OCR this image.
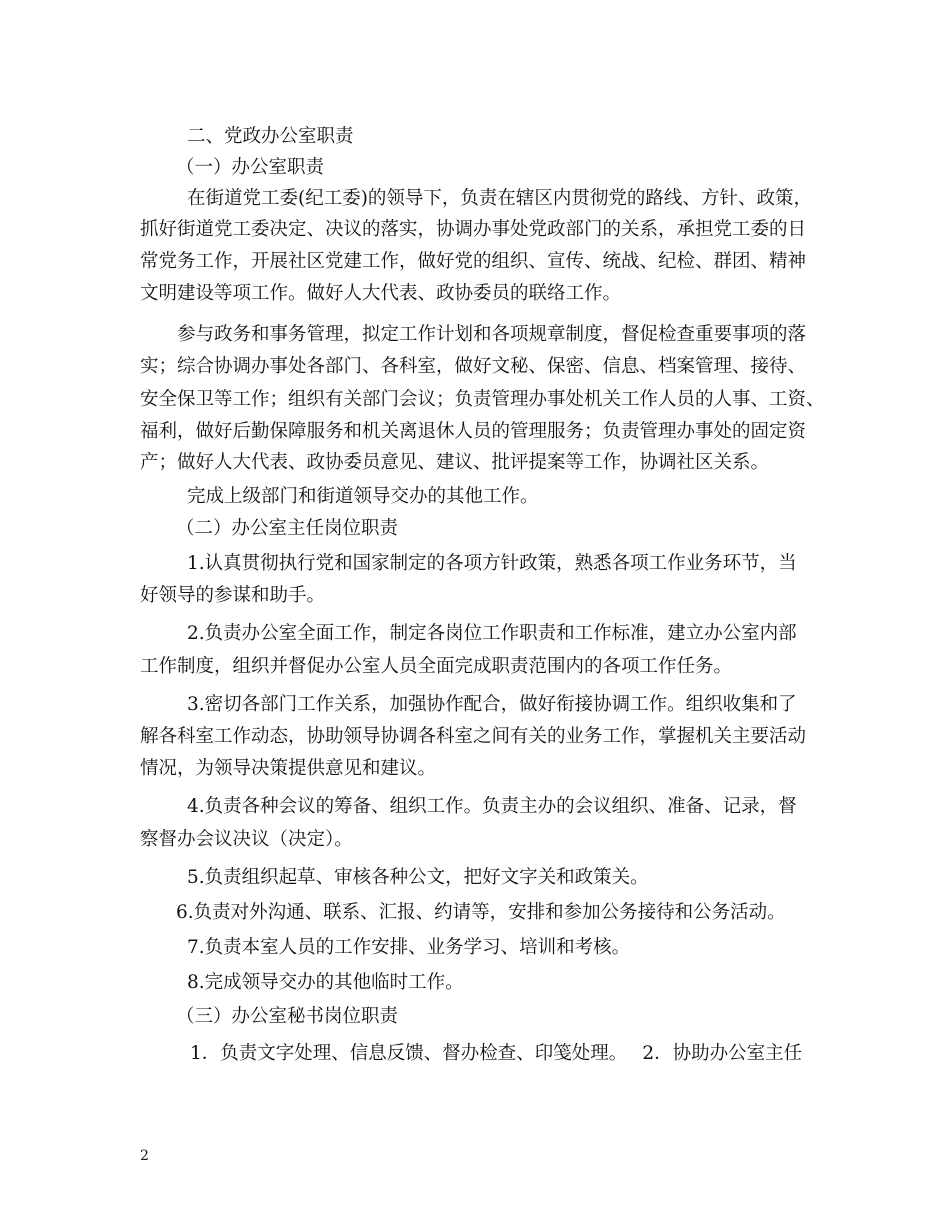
二、党政办公室职责

（一）办公室职责

在街道党工委(纪工委)的领导下，负责在辖区内贯彻党的路线、方针、政策，

抓好街道党工委决定、决议的落实，协调办事处党政部门的关系，承担党工委的日

常党务工作，开展社区党建工作，做好党的组织、宣传、统战、纪检、群团、精神

文明建设等项工作。做好人大代表、政协委员的联络工作。

参与政务和事务管理，拟定工作计划和各项规章制度，督促检查重要事项的落

实；综合协调办事处各部门、各科室，做好文秘、保密、信息、档案管理、接待、

安全保卫等工作；组织有关部门会议；负责管理办事处机关工作人员的人事、工资、

福利，做好后勤保障服务和机关离退休人员的管理服务；负责管理办事处的固定资

产；做好人大代表、政协委员意见、建议、批评提案等工作，协调社区关系。

完成上级部门和街道领导交办的其他工作。

（二）办公室主任岗位职责

1.认真贯彻执行党和国家制定的各项方针政策，熟悉各项工作业务环节，当

好领导的参谋和助手。

2.负责办公室全面工作，制定各岗位工作职责和工作标准，建立办公室内部

工作制度，组织并督促办公室人员全面完成职责范围内的各项工作任务。

3.密切各部门工作关系，加强协作配合，做好衔接协调工作。组织收集和了

解各科室工作动态，协助领导协调各科室之间有关的业务工作，掌握机关主要活动

情况，为领导决策提供意见和建议。

4.负责各种会议的筹备、组织工作。负责主办的会议组织、准备、记录，督

察督办会议决议（决定）。

5.负责组织起草、审核各种公文，把好文字关和政策关。

6.负责对外沟通、联系、汇报、约请等，安排和参加公务接待和公务活动。

7.负责本室人员的工作安排、业务学习、培训和考核。

8.完成领导交办的其他临时工作。

（三）办公室秘书岗位职责

1．负责文字处理、信息反馈、督办检查、印笺处理。　 2．协助办公室主任

2
